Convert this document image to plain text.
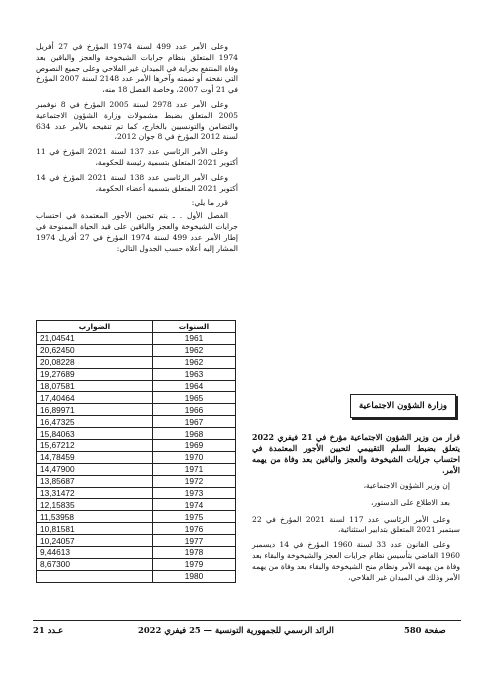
وعلى الأمر عدد 499 لسنة 1974 المؤرخ في 27 أفريل 1974 المتعلق بنظام جرايات الشيخوخة والعجز والباقين بعد وفاة المنتفع بجراية في الميدان غير الفلاحي وعلى جميع النصوص التي نقحته أو تممته وآخرها الأمر عدد 2148 لسنة 2007 المؤرخ في 21 أوت 2007، وخاصة الفصل 18 منه،

وعلى الأمر عدد 2978 لسنة 2005 المؤرخ في 8 نوفمبر 2005 المتعلق بضبط مشمولات وزارة الشؤون الاجتماعية والتضامن والتونسيين بالخارج، كما تم تنقيحه بالأمر عدد 634 لسنة 2012 المؤرخ في 8 جوان 2012،

وعلى الأمر الرئاسي عدد 137 لسنة 2021 المؤرخ في 11 أكتوبر 2021 المتعلق بتسمية رئيسة للحكومة،

وعلى الأمر الرئاسي عدد 138 لسنة 2021 المؤرخ في 14 أكتوبر 2021 المتعلق بتسمية أعضاء الحكومة،

قرر ما يلي:

الفصل الأول . ـ يتم تحيين الأجور المعتمدة في احتساب جرايات الشيخوخة والعجز والباقين على قيد الحياة الممنوحة في إطار الأمر عدد 499 لسنة 1974 المؤرخ في 27 أفريل 1974 المشار إليه أعلاه حسب الجدول التالي:

الضوارب	السنوات
21,04541	1961
20,62450	1962
20,08228	1962
19,27689	1963
18,07581	1964
17,40464	1965
16,89971	1966
16,47325	1967
15,84063	1968
15,67212	1969
14,78459	1970
14,47900	1971
13,85687	1972
13,31472	1973
12,15835	1974
11,53958	1975
10,81581	1976
10,24057	1977
9,44613	1978
8,67300	1979
	1980
وزارة الشؤون الاجتماعية

قرار من وزير الشؤون الاجتماعية مؤرخ في 21 فيفري 2022 يتعلق بضبط السلم التقييمي لتحيين الأجور المعتمدة في احتساب جرايات الشيخوخة والعجز والباقين بعد وفاة من يهمه الأمر.

إن وزير الشؤون الاجتماعية،

بعد الاطلاع على الدستور،

وعلى الأمر الرئاسي عدد 117 لسنة 2021 المؤرخ في 22 سبتمبر 2021 المتعلق بتدابير استثنائية،

وعلى القانون عدد 33 لسنة 1960 المؤرخ في 14 ديسمبر 1960 القاضي بتأسيس نظام جرايات العجز والشيخوخة والبقاء بعد وفاة من يهمه الأمر ونظام منح الشيخوخة والبقاء بعد وفاة من يهمه الأمر وذلك في الميدان غير الفلاحي،

صفحة 580
الرائد الرسمي للجمهورية التونسية — 25 فيفري 2022
عـدد 21
